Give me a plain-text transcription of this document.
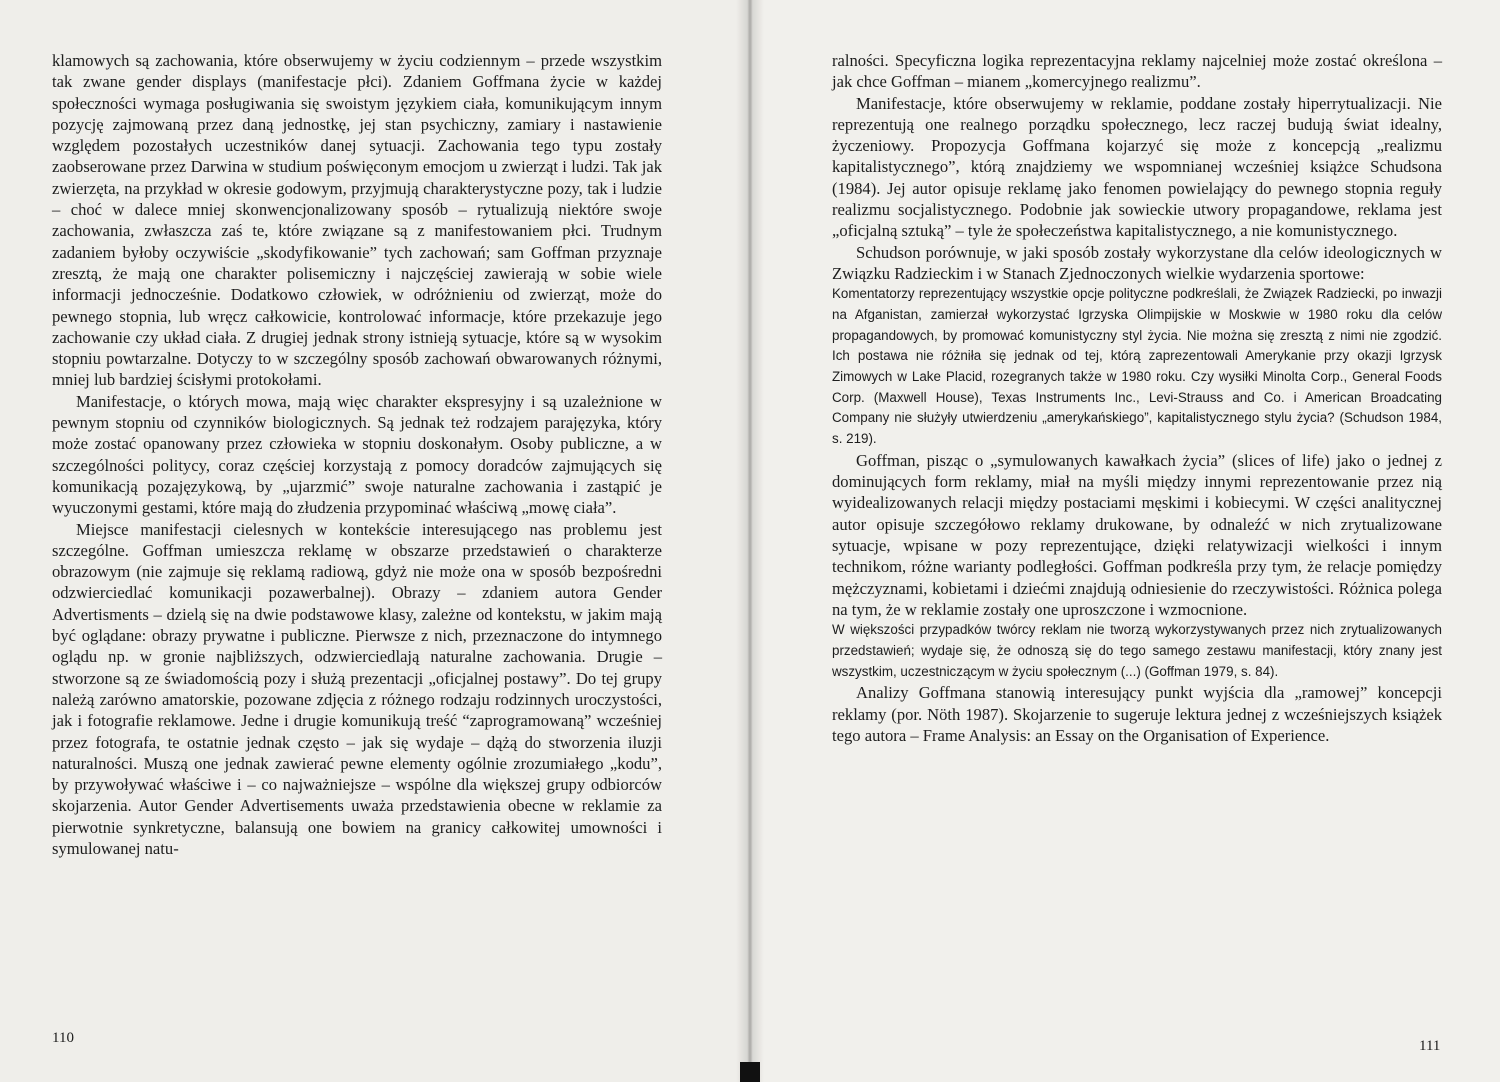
klamowych są zachowania, które obserwujemy w życiu codziennym – przede wszystkim tak zwane gender displays (manifestacje płci). Zdaniem Goffmana życie w każdej społeczności wymaga posługiwania się swoistym językiem ciała, komunikującym innym pozycję zajmowaną przez daną jednostkę, jej stan psychiczny, zamiary i nastawienie względem pozostałych uczestników danej sytuacji. Zachowania tego typu zostały zaobserowane przez Darwina w studium poświęconym emocjom u zwierząt i ludzi. Tak jak zwierzęta, na przykład w okresie godowym, przyjmują charakterystyczne pozy, tak i ludzie – choć w dalece mniej skonwencjonalizowany sposób – rytualizują niektóre swoje zachowania, zwłaszcza zaś te, które związane są z manifestowaniem płci. Trudnym zadaniem byłoby oczywiście „skodyfikowanie” tych zachowań; sam Goffman przyznaje zresztą, że mają one charakter polisemiczny i najczęściej zawierają w sobie wiele informacji jednocześnie. Dodatkowo człowiek, w odróżnieniu od zwierząt, może do pewnego stopnia, lub wręcz całkowicie, kontrolować informacje, które przekazuje jego zachowanie czy układ ciała. Z drugiej jednak strony istnieją sytuacje, które są w wysokim stopniu powtarzalne. Dotyczy to w szczególny sposób zachowań obwarowanych różnymi, mniej lub bardziej ścisłymi protokołami.

Manifestacje, o których mowa, mają więc charakter ekspresyjny i są uzależnione w pewnym stopniu od czynników biologicznych. Są jednak też rodzajem parajęzyka, który może zostać opanowany przez człowieka w stopniu doskonałym. Osoby publiczne, a w szczególności politycy, coraz częściej korzystają z pomocy doradców zajmujących się komunikacją pozajęzykową, by „ujarzmić” swoje naturalne zachowania i zastąpić je wyuczonymi gestami, które mają do złudzenia przypominać właściwą „mowę ciała”.

Miejsce manifestacji cielesnych w kontekście interesującego nas problemu jest szczególne. Goffman umieszcza reklamę w obszarze przedstawień o charakterze obrazowym (nie zajmuje się reklamą radiową, gdyż nie może ona w sposób bezpośredni odzwierciedlać komunikacji pozawerbalnej). Obrazy – zdaniem autora Gender Advertisments – dzielą się na dwie podstawowe klasy, zależne od kontekstu, w jakim mają być oglądane: obrazy prywatne i publiczne. Pierwsze z nich, przeznaczone do intymnego oglądu np. w gronie najbliższych, odzwierciedlają naturalne zachowania. Drugie – stworzone są ze świadomością pozy i służą prezentacji „oficjalnej postawy”. Do tej grupy należą zarówno amatorskie, pozowane zdjęcia z różnego rodzaju rodzinnych uroczystości, jak i fotografie reklamowe. Jedne i drugie komunikują treść “zaprogramowaną” wcześniej przez fotografa, te ostatnie jednak często – jak się wydaje – dążą do stworzenia iluzji naturalności. Muszą one jednak zawierać pewne elementy ogólnie zrozumiałego „kodu”, by przywoływać właściwe i – co najważniejsze – wspólne dla większej grupy odbiorców skojarzenia. Autor Gender Advertisements uważa przedstawienia obecne w reklamie za pierwotnie synkretyczne, balansują one bowiem na granicy całkowitej umowności i symulowanej natu-

110

ralności. Specyficzna logika reprezentacyjna reklamy najcelniej może zostać określona – jak chce Goffman – mianem „komercyjnego realizmu”.

Manifestacje, które obserwujemy w reklamie, poddane zostały hiperrytualizacji. Nie reprezentują one realnego porządku społecznego, lecz raczej budują świat idealny, życzeniowy. Propozycja Goffmana kojarzyć się może z koncepcją „realizmu kapitalistycznego”, którą znajdziemy we wspomnianej wcześniej książce Schudsona (1984). Jej autor opisuje reklamę jako fenomen powielający do pewnego stopnia reguły realizmu socjalistycznego. Podobnie jak sowieckie utwory propagandowe, reklama jest „oficjalną sztuką” – tyle że społeczeństwa kapitalistycznego, a nie komunistycznego.

Schudson porównuje, w jaki sposób zostały wykorzystane dla celów ideologicznych w Związku Radzieckim i w Stanach Zjednoczonych wielkie wydarzenia sportowe:

Komentatorzy reprezentujący wszystkie opcje polityczne podkreślali, że Związek Radziecki, po inwazji na Afganistan, zamierzał wykorzystać Igrzyska Olimpijskie w Moskwie w 1980 roku dla celów propagandowych, by promować komunistyczny styl życia. Nie można się zresztą z nimi nie zgodzić. Ich postawa nie różniła się jednak od tej, którą zaprezentowali Amerykanie przy okazji Igrzysk Zimowych w Lake Placid, rozegranych także w 1980 roku. Czy wysiłki Minolta Corp., General Foods Corp. (Maxwell House), Texas Instruments Inc., Levi-Strauss and Co. i American Broadcating Company nie służyły utwierdzeniu „amerykańskiego”, kapitalistycznego stylu życia? (Schudson 1984, s. 219).

Goffman, pisząc o „symulowanych kawałkach życia” (slices of life) jako o jednej z dominujących form reklamy, miał na myśli między innymi reprezentowanie przez nią wyidealizowanych relacji między postaciami męskimi i kobiecymi. W części analitycznej autor opisuje szczegółowo reklamy drukowane, by odnaleźć w nich zrytualizowane sytuacje, wpisane w pozy reprezentujące, dzięki relatywizacji wielkości i innym technikom, różne warianty podległości. Goffman podkreśla przy tym, że relacje pomiędzy mężczyznami, kobietami i dziećmi znajdują odniesienie do rzeczywistości. Różnica polega na tym, że w reklamie zostały one uproszczone i wzmocnione.

W większości przypadków twórcy reklam nie tworzą wykorzystywanych przez nich zrytualizowanych przedstawień; wydaje się, że odnoszą się do tego samego zestawu manifestacji, który znany jest wszystkim, uczestniczącym w życiu społecznym (...) (Goffman 1979, s. 84).

Analizy Goffmana stanowią interesujący punkt wyjścia dla „ramowej” koncepcji reklamy (por. Nöth 1987). Skojarzenie to sugeruje lektura jednej z wcześniejszych książek tego autora – Frame Analysis: an Essay on the Organisation of Experience.

111
